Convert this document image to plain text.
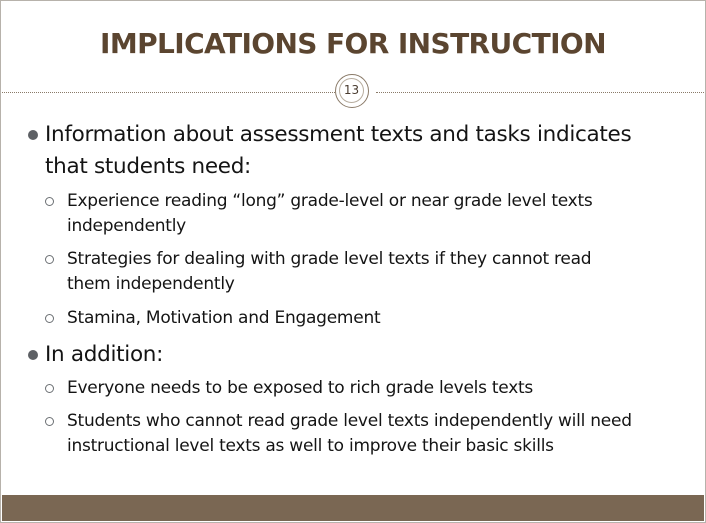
IMPLICATIONS FOR INSTRUCTION
13
Information about assessment texts and tasks indicates
that students need:
Experience reading “long” grade-level or near grade level texts
independently
Strategies for dealing with grade level texts if they cannot read
them independently
Stamina, Motivation and Engagement
In addition:
Everyone needs to be exposed to rich grade levels texts
Students who cannot read grade level texts independently will need
instructional level texts as well to improve their basic skills
